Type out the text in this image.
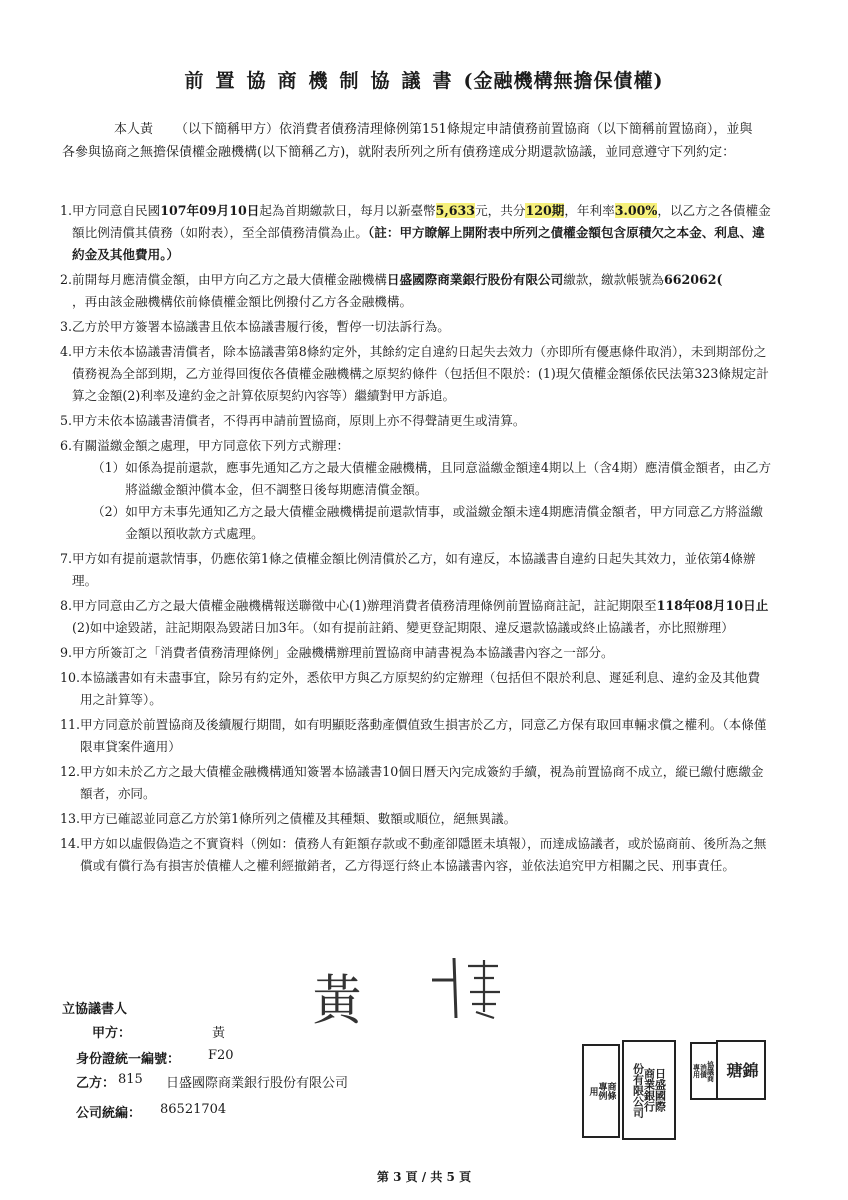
前置協商機制協議書(金融機構無擔保債權)
本人黃 （以下簡稱甲方）依消費者債務清理條例第151條規定申請債務前置協商（以下簡稱前置協商），並與各參與協商之無擔保債權金融機構(以下簡稱乙方)，就附表所列之所有債務達成分期還款協議，並同意遵守下列約定：
1. 甲方同意自民國107年09月10日起為首期繳款日，每月以新臺幣5,633元，共分120期，年利率3.00%，以乙方之各債權金額比例清償其債務（如附表），至全部債務清償為止。（註：甲方瞭解上開附表中所列之債權金額包含原積欠之本金、利息、違約金及其他費用。）
2. 前開每月應清償金額，由甲方向乙方之最大債權金融機構日盛國際商業銀行股份有限公司繳款，繳款帳號為662062(，再由該金融機構依前條債權金額比例撥付乙方各金融機構。
3. 乙方於甲方簽署本協議書且依本協議書履行後，暫停一切法訴行為。
4. 甲方未依本協議書清償者，除本協議書第8條約定外，其餘約定自違約日起失去效力（亦即所有優惠條件取消），未到期部份之債務視為全部到期，乙方並得回復依各債權金融機構之原契約條件（包括但不限於：(1)現欠債權金額係依民法第323條規定計算之金額(2)利率及違約金之計算依原契約內容等）繼續對甲方訴追。
5. 甲方未依本協議書清償者，不得再申請前置協商，原則上亦不得聲請更生或清算。
6. 有關溢繳金額之處理，甲方同意依下列方式辦理：
（1） 如係為提前還款，應事先通知乙方之最大債權金融機構，且同意溢繳金額達4期以上（含4期）應清償金額者，由乙方將溢繳金額沖償本金，但不調整日後每期應清償金額。
（2） 如甲方未事先通知乙方之最大債權金融機構提前還款情事，或溢繳金額未達4期應清償金額者，甲方同意乙方將溢繳金額以預收款方式處理。
7. 甲方如有提前還款情事，仍應依第1條之債權金額比例清償於乙方，如有違反，本協議書自違約日起失其效力，並依第4條辦理。
8. 甲方同意由乙方之最大債權金融機構報送聯徵中心(1)辦理消費者債務清理條例前置協商註記，註記期限至118年08月10日止(2)如中途毀諾，註記期限為毀諾日加3年。（如有提前註銷、變更登記期限、違反還款協議或終止協議者，亦比照辦理）
9. 甲方所簽訂之「消費者債務清理條例」金融機構辦理前置協商申請書視為本協議書內容之一部分。
10. 本協議書如有未盡事宜，除另有約定外，悉依甲方與乙方原契約約定辦理（包括但不限於利息、遲延利息、違約金及其他費用之計算等）。
11. 甲方同意於前置協商及後續履行期間，如有明顯貶落動產價值致生損害於乙方，同意乙方保有取回車輛求償之權利。（本條僅限車貸案件適用）
12. 甲方如未於乙方之最大債權金融機構通知簽署本協議書10個日曆天內完成簽約手續，視為前置協商不成立，縱已繳付應繳金額者，亦同。
13. 甲方已確認並同意乙方於第1條所列之債權及其種類、數額或順位，絕無異議。
14. 甲方如以虛假偽造之不實資料（例如：債務人有鉅額存款或不動產卻隱匿未填報），而達成協議者，或於協商前、後所為之無償或有償行為有損害於債權人之權利經撤銷者，乙方得逕行終止本協議書內容，並依法追究甲方相關之民、刑事責任。
黃
立協議書人
甲方：	黃
身份證統一編號： F20
乙方： 815 日盛國際商業銀行股份有限公司
公司統編： 86521704
用 專例 商條 份有限公司
商業銀行
日盛國際	專用
消債
協議商 瑭
錦
第 3 頁 / 共 5 頁
